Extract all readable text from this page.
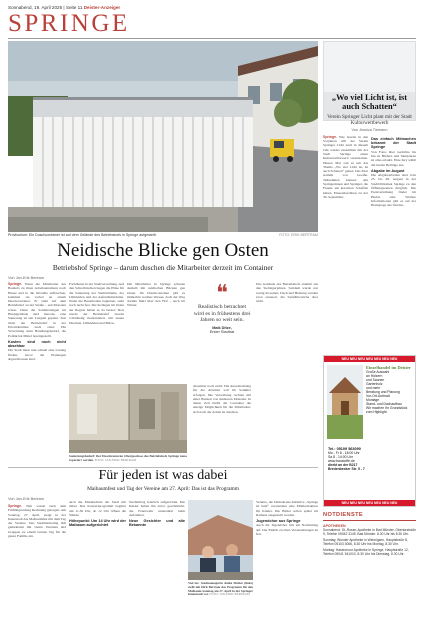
Sonnabend, 19. April 2025 | Seite 11 Deister-Anzeiger
SPRINGE
Provisorium: Ein Duschcontainer ist auf dem Gelände des Betriebshofs in Springe aufgestellt.	FOTO: ERIK BERTRAM
Neidische Blicke gen Osten
Betriebshof Springe – darum duschen die Mitarbeiter derzeit im Container
Von Jan-Erik Bertram
Springe. Wenn die Mitarbeiter des Bauhofs zu ihren Arbeitseinsätzen nach Hause und in die Ortsteile aufbrechen, kommen sie vorbei an einem Duschcontainer. Er steht auf dem Betriebshof an der Straße – seit Monaten schon. Denn die Sanitäranlagen im Hauptgebäude sind marode, eine Sanierung ist seit Langem geplant. Zeit rückt der Betriebshof in der Prioritätenliste nach oben: Die Verwaltung sieht Handlungsbedarf, die Politik hat Mittel bereitgestellt.
Kosten sind noch nicht absehbar
Der Stadt muss nun schnell eine Lösung finden, bevor die Planungen abgeschlossen sind.
Fachdienst in der Stadtverwaltung. Auf den Schreibtischen liegen die Pläne für die Sanierung der Sanitärräume, der Umkleiden und der Aufenthaltsräume. Wann die Bauarbeiten beginnen, steht noch nicht fest. Die Kollegen im Osten der Region haben es da besser: Dort wurde der Betriebshof bereits vollständig modernisiert, mit neuen Duschen, Umkleiden und Büros.
Sanierungsbedarf: Der Duschraum im Obergeschoss des Betriebshofs Springe muss repariert werden. FOTO: JAN-ERIK BERTRAM
Die Mitarbeiter in Springe schauen deshalb mit neidischen Blicken gen Osten. Im Duschcontainer gibt es immerhin warmes Wasser, doch der Weg dorthin führt über den Hof – auch im Winter.
❝
Realistisch betrachtet wird es in frühestens drei Jahren so weit sein.
Maik Ditze,
Erster Stadtrat
Absehbar noch nicht: Die Ausschreibung für die Arbeiten soll im Sommer erfolgen. Die Verwaltung rechnet mit einer Bauzeit von mehreren Monaten. In dieser Zeit bleibt der Container die einzige Möglichkeit für die Mitarbeiter, sich nach der Arbeit zu duschen.
Das Gebäude des Betriebshofs stammt aus den Siebzigerjahren. Seitdem wurde nur wenig investiert, Dach und Heizung wurden zwar erneuert, die Sanitärbereiche aber nicht.
Für jeden ist was dabei
Maibaumfest und Tag der Vereine am 27. April: Das ist das Programm
Von Jan-Erik Bertram
Springe. Nun wurde auch dem Frühlingsanfang Rechnung getragen: Am Sonntag, 27. April, steigt in der Innenstadt das Maibaumfest mit dem Tag der Vereine. Das Stadtmarketing lädt gemeinsam mit vielen Vereinen und Gruppen zu einem bunten Tag für die ganze Familie ein.
auch die Musikschule der Stadt mit dabei. Das Konzertprogramm beginnt um 11.30 Uhr, ab 12 Uhr öffnen die Stände.
Höhepunkt: Um 14 Uhr wird der Maibaum aufgerichtet
Nachmittag feierlich aufgerichtet. Die Kinder haben ihn zuvor geschmückt, die Feuerwehr unterstützt beim Aufstellen.
Neue Gesichter und alte Bekannte
Viel los: Stadtmanagerin Anika Melzer (links) stellt mit Dirk Bertram das Programm für den Maibaum-Sonntag am 27. April in der Springer Innenstadt vor. FOTO: JAN-ERIK BERTRAM
Vereine, die Demokratie-Initiative „Springe ist bunt“ veranstaltet eine Mitmachaktion für Kinder. Die Bilder sollen später im Rathaus ausgestellt werden.
Jugendchor aus Springe
Auch der Jugendchor tritt am Nachmittag auf. Der Eintritt zu allen Veranstaltungen ist frei.
„Wo viel Licht ist, ist auch Schatten“
Verein Springer Licht plant mit der Stadt Kulturwettbewerb
Von Jessica Tiemann
Springe. Wie bereits in den Vorjahren will der Verein Springer Licht auch in diesem Jahr wieder zusammen mit der Stadt Springe einen Kulturwettbewerb veranstalten. Diesen Mal soll es um das Thema „Wo viel Licht ist, ist auch Schatten“ gehen. Das Zitat stammt von Goethe. Teilnehmen können alle Springerinnen und Springer, die Freude am kreativen Schaffen haben. Einsendeschluss ist der 30. September.
Das einfach Mitmachen bekannt der Stadt Springe
Von Fotos über Gedichte bis hin zu Bildern und Skulpturen ist alles erlaubt. Eine Jury wählt die besten Beiträge aus.
Abgabe im August
Die Abgabearbeiten sind vom 25. bis 28. August in der Stadtbibliothek Springe zu den Öffnungszeiten möglich. Die Preisverleihung findet im Herbst statt. Weitere Informationen gibt es auf der Homepage des Vereins.
NEU NEU NEU NEU NEU NEU NEU
Einzelhandel im Deister
Große Auswahl
an Hölzern
und Saunen
Gartenholz
und mehr
Beratung und Planung
Vor-Ort-Aufmaß
Montage
Stand- und Dachaufbau
Wir machen Ihr Grundstück
zum Highlight.
Tel.: 05109 563090
Mo - Fr 8 - 18:00 Uhr
Sa 8 - 14:00 Uhr
www.baustoffe.de
direkt an der B217
Bredenbecker Str. 5 - 7
NEU NEU NEU NEU NEU NEU NEU
NOTDIENSTE
APOTHEKEN
Sonnabend: St.-Rosen-Apotheke in Bad Münder, Obertorstraße 9, Telefon 05042 3145. Bad Münder. 8.30 Uhr bis 8.30 Uhr.
Sonntag: Wunder Apotheke in Wennigsen, Hauptstraße 8, Telefon 05103 3066, 8.30 Uhr bis Montag, 8.30 Uhr.
Montag: Hasenmoor Apotheke in Springe, Hauptstraße 12, Telefon 05041 941010, 8.30 Uhr bis Dienstag, 8.30 Uhr.
